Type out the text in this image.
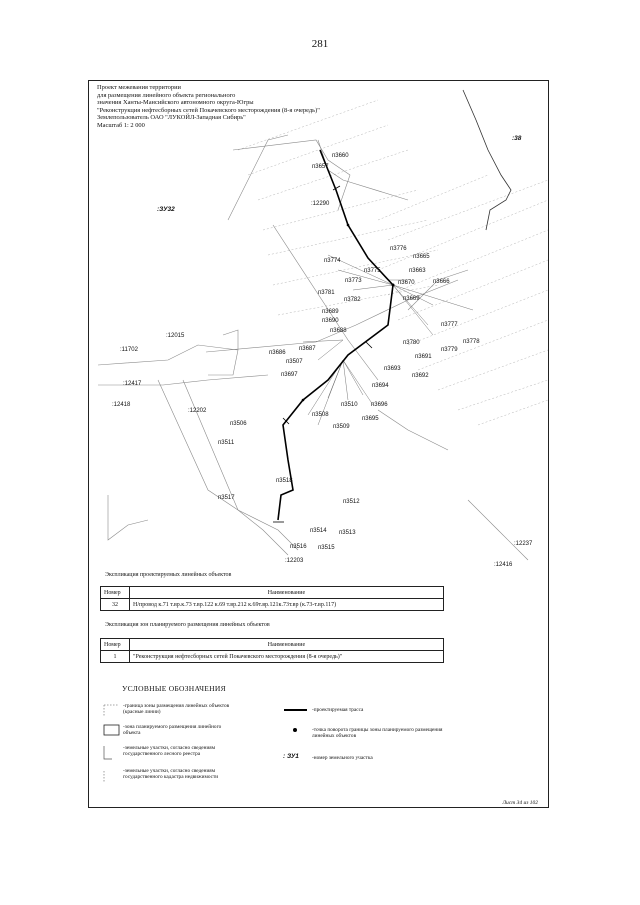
281
Проект межевания территории
для размещения линейного объекта регионального
значения Ханты-Мансийского автономного округа-Югры
"Реконструкция нефтесборных сетей Покачевского месторождения (8-я очередь)"
Землепользователь ОАО "ЛУКОЙЛ-Западная Сибирь"
Масштаб 1: 2 000
:ЗУ32
:38
п3660
п3657
:12290
п3776
п3665
п3774
п3775	п3663
п3670	п3666
п3773
п3781
п3669
п3782
п3689
п3777
п3690
п3688
п3780	п3778
п3779
п3691
п3687
п3686
п3507
п3693
п3692
п3697
п3694
п3510 п3696
п3508
п3695
п3509
п3506
п3511
:12015
:11702
:12417
:12418
:12202
п3518
п3517
п3512
п3514 п3513
п3516 п3515
:12203
:12237
:12416
Экспликация проектируемых линейных объектов
Номер	Наименование
32	Н/провод к.71 т.вр.к.73 т.вр.122 к.69 т.вр.212 к.69т.вр.121к.73т.вр (к.73-т.вр.117)
Экспликация зон планируемого размещения линейных объектов
Номер	Наименование
1	"Реконструкция нефтесборных сетей Покачевского месторождения (8-я очередь)"
УСЛОВНЫЕ ОБОЗНАЧЕНИЯ
-граница зоны размещения линейных объектов (красные линии)
-зона планируемого размещения линейного объекта
-земельные участки, согласно сведениям государственного лесного реестра
-земельные участки, согласно сведениям государственного кадастра недвижимости
-проектируемая трасса
-точка поворота границы зоны планируемого размещения линейных объектов
: ЗУ1 -номер земельного участка
Лист 34 из 102
